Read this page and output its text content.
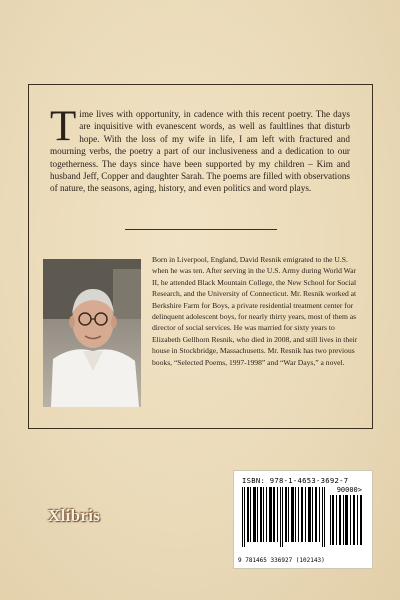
Time lives with opportunity, in cadence with this recent poetry. The days are inquisitive with evanescent words, as well as faultlines that disturb hope. With the loss of my wife in life, I am left with fractured and mourning verbs, the poetry a part of our inclusiveness and a dedication to our togetherness. The days since have been supported by my children – Kim and husband Jeff, Copper and daughter Sarah. The poems are filled with observations of nature, the seasons, aging, history, and even politics and word plays.

Born in Liverpool, England, David Resnik emigrated to the U.S. when he was ten. After serving in the U.S. Army during World War II, he attended Black Mountain College, the New School for Social Research, and the University of Connecticut. Mr. Resnik worked at Berkshire Farm for Boys, a private residential treatment center for delinquent adolescent boys, for nearly thirty years, most of them as director of social services. He was married for sixty years to Elizabeth Gellhorn Resnik, who died in 2008, and still lives in their house in Stockbridge, Massachusetts. Mr. Resnik has two previous books, “Selected Poems, 1997-1998” and “War Days,” a novel.

ISBN: 978-1-4653-3692-7
90000>
9 781465 336927 (102143)
Xlibris
